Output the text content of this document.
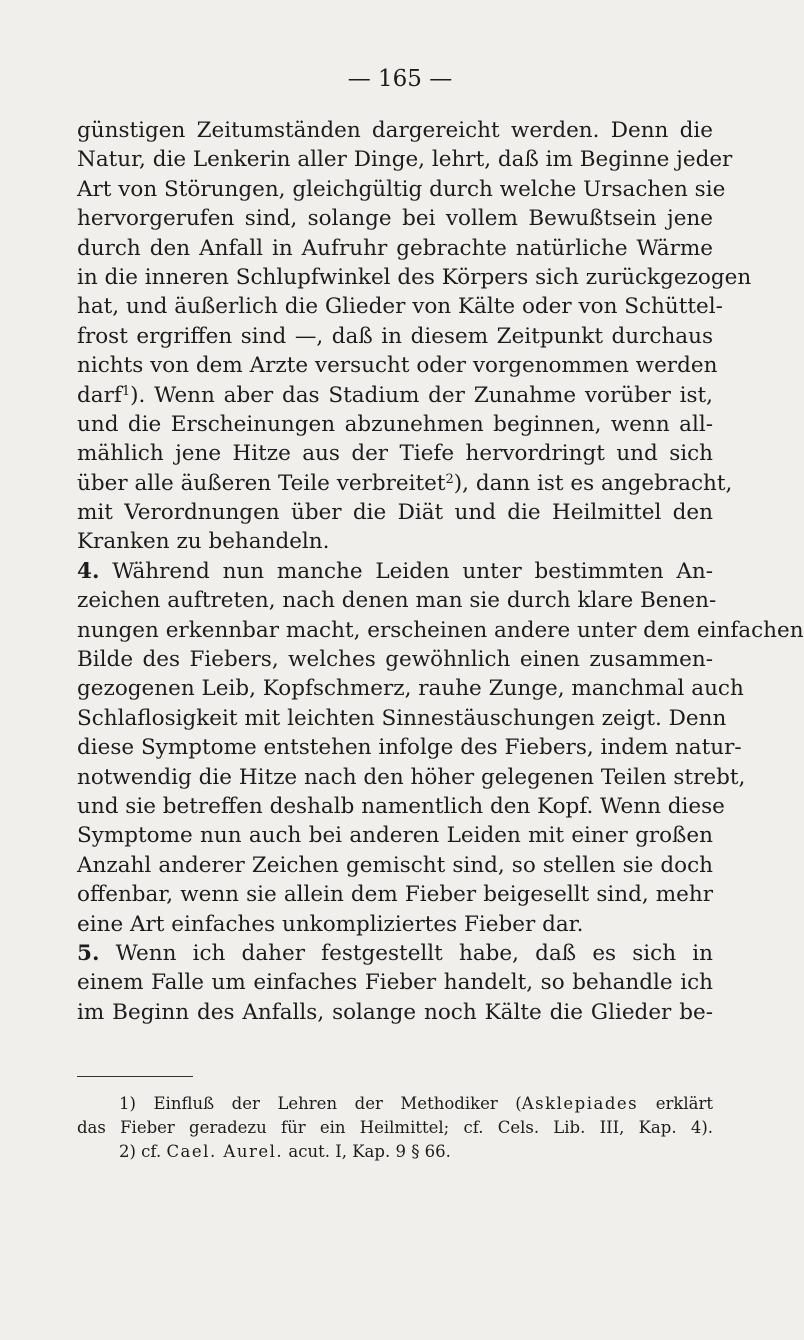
— 165 —
günstigen Zeitumständen dargereicht werden. Denn die
Natur, die Lenkerin aller Dinge, lehrt, daß im Beginne jeder
Art von Störungen, gleichgültig durch welche Ursachen sie
hervorgerufen sind, solange bei vollem Bewußtsein jene
durch den Anfall in Aufruhr gebrachte natürliche Wärme
in die inneren Schlupfwinkel des Körpers sich zurückgezogen
hat, und äußerlich die Glieder von Kälte oder von Schüttel-
frost ergriffen sind —, daß in diesem Zeitpunkt durchaus
nichts von dem Arzte versucht oder vorgenommen werden
darf$^1$). Wenn aber das Stadium der Zunahme vorüber ist,
und die Erscheinungen abzunehmen beginnen, wenn all-
mählich jene Hitze aus der Tiefe hervordringt und sich
über alle äußeren Teile verbreitet$^2$), dann ist es angebracht,
mit Verordnungen über die Diät und die Heilmittel den
Kranken zu behandeln.
4. Während nun manche Leiden unter bestimmten An-
zeichen auftreten, nach denen man sie durch klare Benen-
nungen erkennbar macht, erscheinen andere unter dem einfachen
Bilde des Fiebers, welches gewöhnlich einen zusammen-
gezogenen Leib, Kopfschmerz, rauhe Zunge, manchmal auch
Schlaflosigkeit mit leichten Sinnestäuschungen zeigt. Denn
diese Symptome entstehen infolge des Fiebers, indem natur-
notwendig die Hitze nach den höher gelegenen Teilen strebt,
und sie betreffen deshalb namentlich den Kopf. Wenn diese
Symptome nun auch bei anderen Leiden mit einer großen
Anzahl anderer Zeichen gemischt sind, so stellen sie doch
offenbar, wenn sie allein dem Fieber beigesellt sind, mehr
eine Art einfaches unkompliziertes Fieber dar.
5. Wenn ich daher festgestellt habe, daß es sich in
einem Falle um einfaches Fieber handelt, so behandle ich
im Beginn des Anfalls, solange noch Kälte die Glieder be-
1) Einfluß der Lehren der Methodiker (Asklepiades erklärt
das Fieber geradezu für ein Heilmittel; cf. Cels. Lib. III, Kap. 4).
2) cf. Cael. Aurel. acut. I, Kap. 9 § 66.
